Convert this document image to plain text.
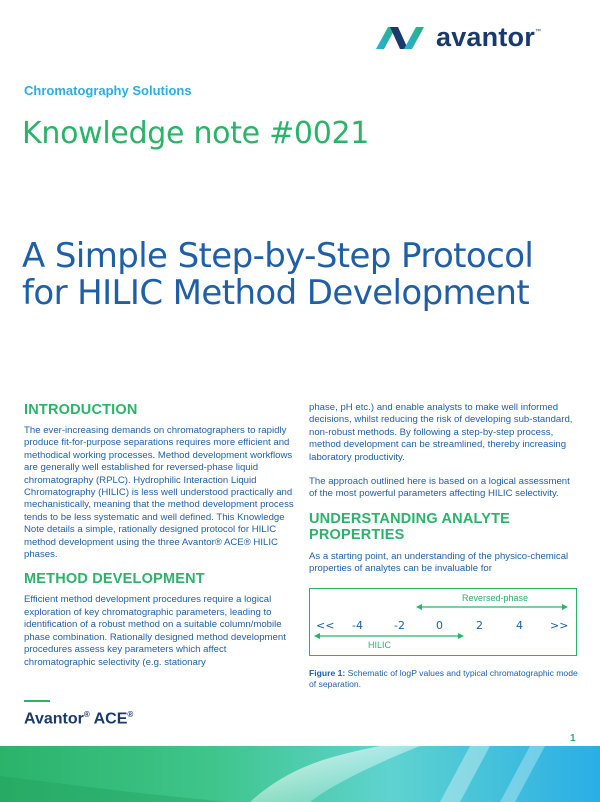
avantor ™
Chromatography Solutions
Knowledge note #0021
A Simple Step-by-Step Protocol for HILIC Method Development
INTRODUCTION

The ever-increasing demands on chromatographers to rapidly produce fit-for-purpose separations requires more efficient and methodical working processes. Method development workflows are generally well established for reversed-phase liquid chromatography (RPLC). Hydrophilic Interaction Liquid Chromatography (HILIC) is less well understood practically and mechanistically, meaning that the method development process tends to be less systematic and well defined. This Knowledge Note details a simple, rationally designed protocol for HILIC method development using the three Avantor® ACE® HILIC phases.

METHOD DEVELOPMENT

Efficient method development procedures require a logical exploration of key chromatographic parameters, leading to identification of a robust method on a suitable column/mobile phase combination. Rationally designed method development procedures assess key parameters which affect chromatographic selectivity (e.g. stationary

phase, pH etc.) and enable analysts to make well informed decisions, whilst reducing the risk of developing sub-standard, non-robust methods. By following a step-by-step process, method development can be streamlined, thereby increasing laboratory productivity.

The approach outlined here is based on a logical assessment of the most powerful parameters affecting HILIC selectivity.

UNDERSTANDING ANALYTE PROPERTIES

As a starting point, an understanding of the physico-chemical properties of analytes can be invaluable for

Reversed-phase
<< -4	-2	0	2	4 >>
HILIC

Figure 1: Schematic of logP values and typical chromatographic mode of separation.

Avantor® ACE®
1
